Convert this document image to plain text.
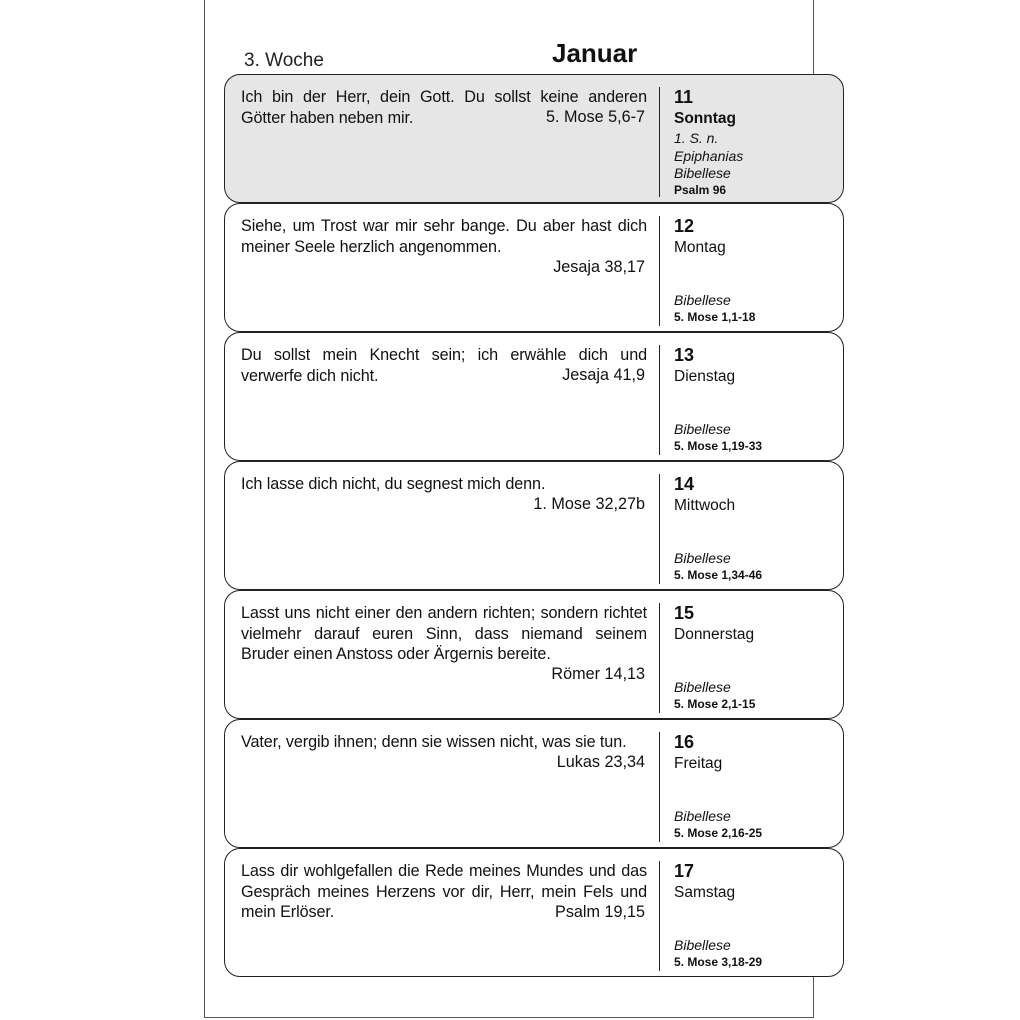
3. Woche	Januar
Ich bin der Herr, dein Gott. Du sollst keine anderen Götter haben neben mir.	5. Mose 5,6-7
11
Sonntag
1. S. n.
Epiphanias
Bibellese
Psalm 96
Siehe, um Trost war mir sehr bange. Du aber hast dich meiner Seele herzlich angenommen.
Jesaja 38,17
12
Montag
Bibellese
5. Mose 1,1-18
Du sollst mein Knecht sein; ich erwähle dich und verwerfe dich nicht.	Jesaja 41,9
13
Dienstag
Bibellese
5. Mose 1,19-33
Ich lasse dich nicht, du segnest mich denn.
1. Mose 32,27b
14
Mittwoch
Bibellese
5. Mose 1,34-46
Lasst uns nicht einer den andern richten; sondern richtet vielmehr darauf euren Sinn, dass niemand seinem Bruder einen Anstoss oder Ärgernis bereite.
Römer 14,13
15
Donnerstag
Bibellese
5. Mose 2,1-15
Vater, vergib ihnen; denn sie wissen nicht, was sie tun.
Lukas 23,34
16
Freitag
Bibellese
5. Mose 2,16-25
Lass dir wohlgefallen die Rede meines Mundes und das Gespräch meines Herzens vor dir, Herr, mein Fels und mein Erlöser.	Psalm 19,15
17
Samstag
Bibellese
5. Mose 3,18-29
